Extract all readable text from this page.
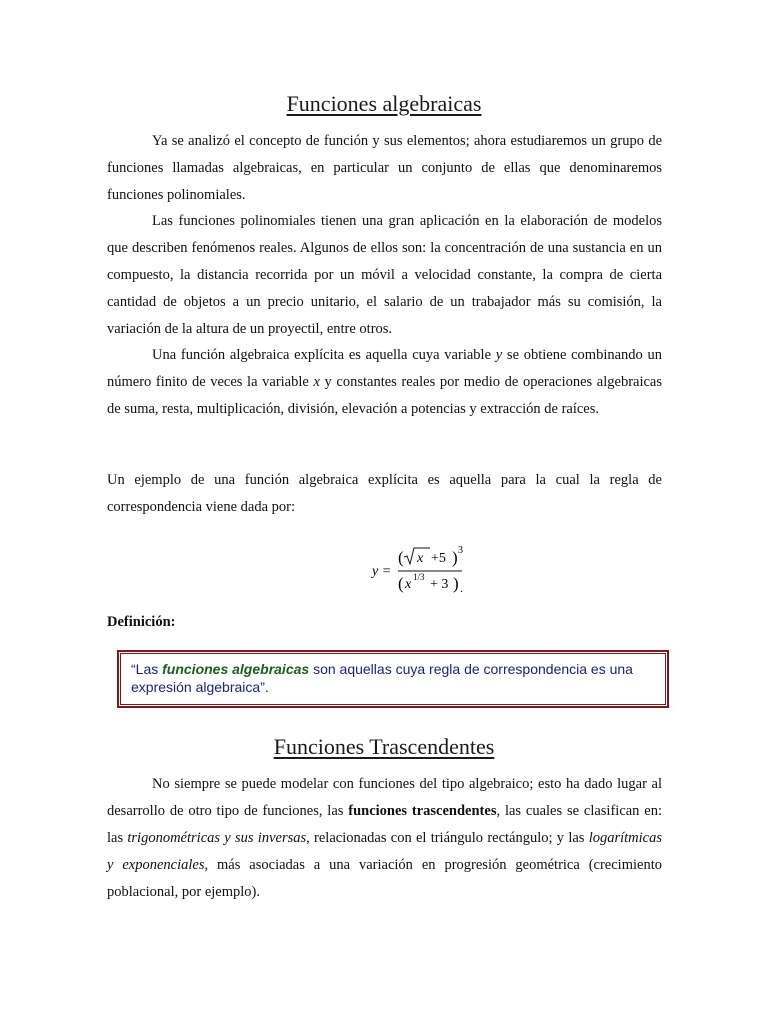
Funciones algebraicas

Ya se analizó el concepto de función y sus elementos; ahora estudiaremos un grupo de funciones llamadas algebraicas, en particular un conjunto de ellas que denominaremos funciones polinomiales.

Las funciones polinomiales tienen una gran aplicación en la elaboración de modelos que describen fenómenos reales. Algunos de ellos son: la concentración de una sustancia en un compuesto, la distancia recorrida por un móvil a velocidad constante, la compra de cierta cantidad de objetos a un precio unitario, el salario de un trabajador más su comisión, la variación de la altura de un proyectil, entre otros.

Una función algebraica explícita es aquella cuya variable y se obtiene combinando un número finito de veces la variable x y constantes reales por medio de operaciones algebraicas de suma, resta, multiplicación, división, elevación a potencias y extracción de raíces.

Un ejemplo de una función algebraica explícita es aquella para la cual la regla de correspondencia viene dada por:

y =
( x +5 ) 3
( x 1/3 + 3 ) .
Definición:
“Las funciones algebraicas son aquellas cuya regla de correspondencia es una expresión algebraica”.
Funciones Trascendentes

No siempre se puede modelar con funciones del tipo algebraico; esto ha dado lugar al desarrollo de otro tipo de funciones, las funciones trascendentes, las cuales se clasifican en: las trigonométricas y sus inversas, relacionadas con el triángulo rectángulo; y las logarítmicas y exponenciales, más asociadas a una variación en progresión geométrica (crecimiento poblacional, por ejemplo).
